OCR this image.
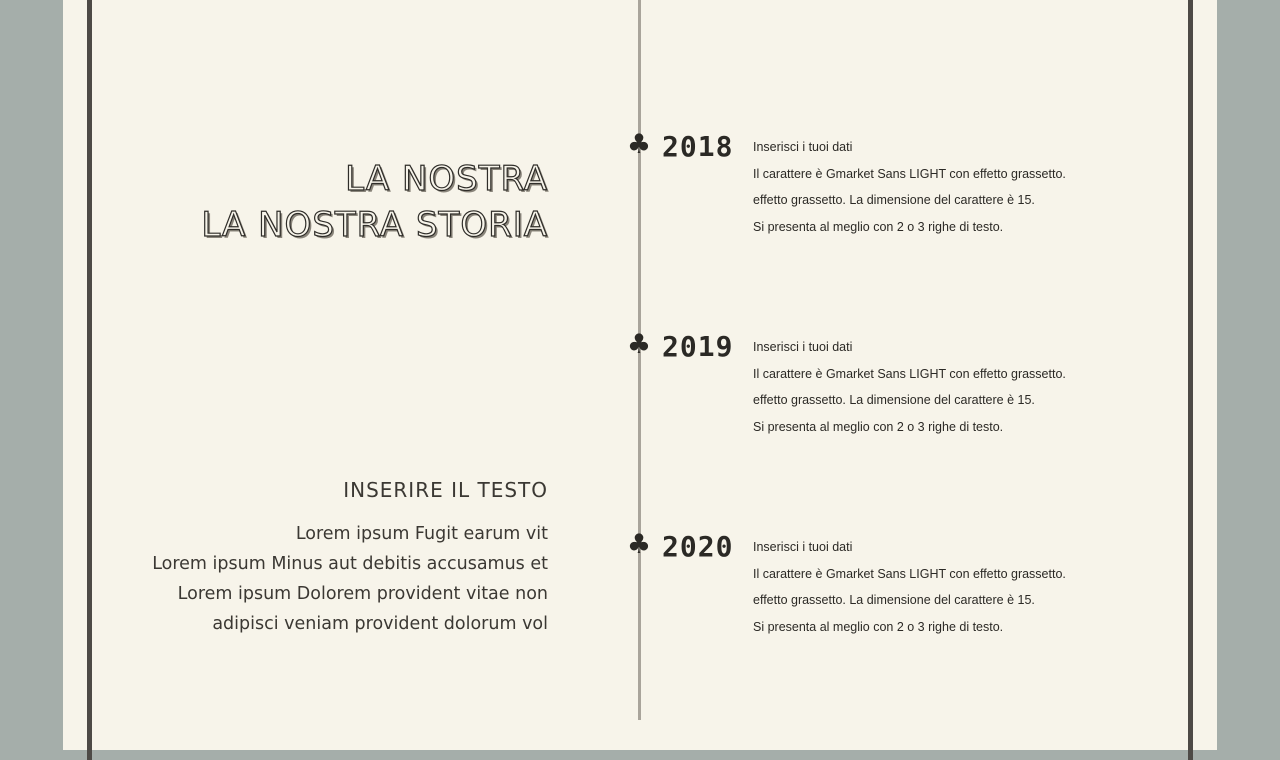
LA NOSTRA
LA NOSTRA STORIA
INSERIRE IL TESTO
Lorem ipsum Fugit earum vit
Lorem ipsum Minus aut debitis accusamus et
Lorem ipsum Dolorem provident vitae non
adipisci veniam provident dolorum vol
♣ 2018 Inserisci i tuoi dati
Il carattere è Gmarket Sans LIGHT con effetto grassetto.
effetto grassetto. La dimensione del carattere è 15.
Si presenta al meglio con 2 o 3 righe di testo.
♣ 2019 Inserisci i tuoi dati
Il carattere è Gmarket Sans LIGHT con effetto grassetto.
effetto grassetto. La dimensione del carattere è 15.
Si presenta al meglio con 2 o 3 righe di testo.
♣ 2020 Inserisci i tuoi dati
Il carattere è Gmarket Sans LIGHT con effetto grassetto.
effetto grassetto. La dimensione del carattere è 15.
Si presenta al meglio con 2 o 3 righe di testo.
